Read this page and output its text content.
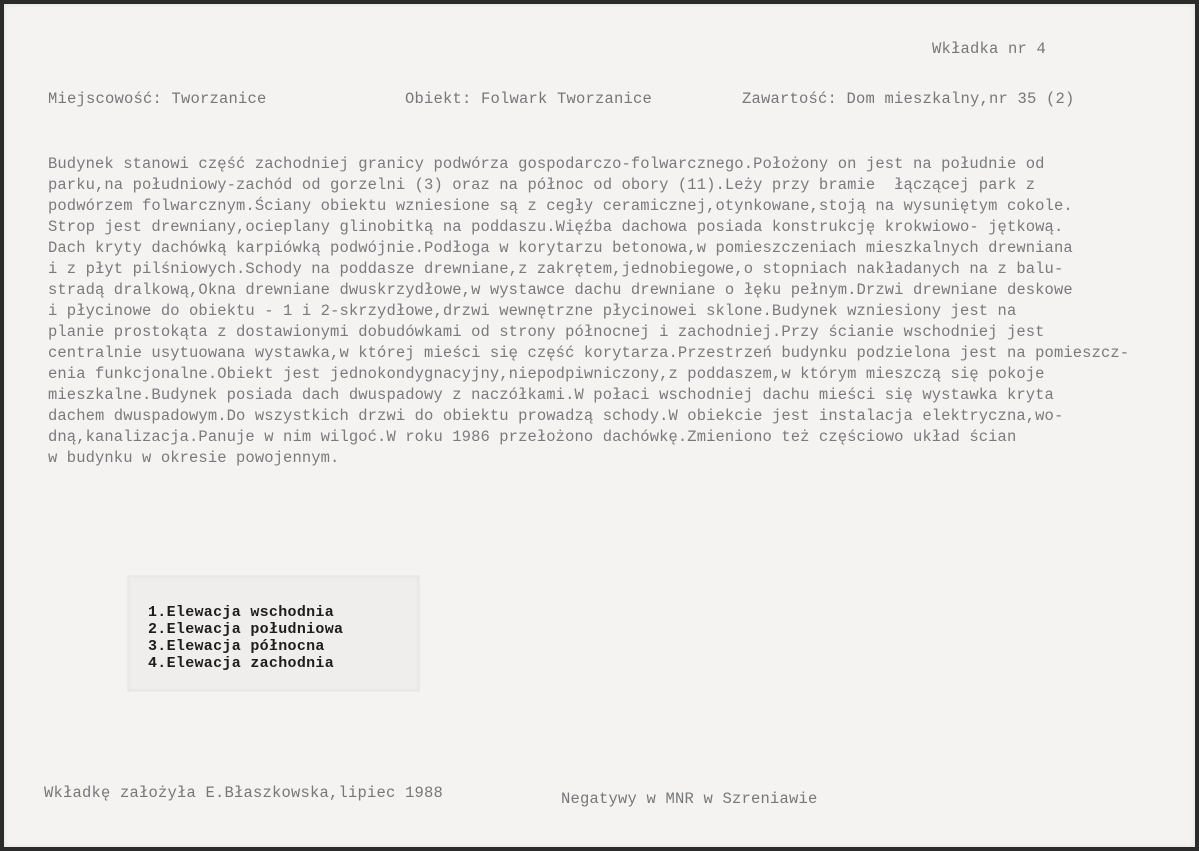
Wkładka nr 4
Miejscowość: Tworzanice	Obiekt: Folwark Tworzanice	Zawartość: Dom mieszkalny,nr 35 (2)
Budynek stanowi część zachodniej granicy podwórza gospodarczo-folwarcznego.Położony on jest na południe od
parku,na południowy-zachód od gorzelni (3) oraz na północ od obory (11).Leży przy bramie  łączącej park z
podwórzem folwarcznym.Ściany obiektu wzniesione są z cegły ceramicznej,otynkowane,stoją na wysuniętym cokole.
Strop jest drewniany,ocieplany glinobitką na poddaszu.Więźba dachowa posiada konstrukcję krokwiowo- jętkową.
Dach kryty dachówką karpiówką podwójnie.Podłoga w korytarzu betonowa,w pomieszczeniach mieszkalnych drewniana
i z płyt pilśniowych.Schody na poddasze drewniane,z zakrętem,jednobiegowe,o stopniach nakładanych na z balu-
stradą dralkową,Okna drewniane dwuskrzydłowe,w wystawce dachu drewniane o łęku pełnym.Drzwi drewniane deskowe
i płycinowe do obiektu - 1 i 2-skrzydłowe,drzwi wewnętrzne płycinowei sklone.Budynek wzniesiony jest na
planie prostokąta z dostawionymi dobudówkami od strony północnej i zachodniej.Przy ścianie wschodniej jest
centralnie usytuowana wystawka,w której mieści się część korytarza.Przestrzeń budynku podzielona jest na pomieszcz-
enia funkcjonalne.Obiekt jest jednokondygnacyjny,niepodpiwniczony,z poddaszem,w którym mieszczą się pokoje
mieszkalne.Budynek posiada dach dwuspadowy z naczółkami.W połaci wschodniej dachu mieści się wystawka kryta
dachem dwuspadowym.Do wszystkich drzwi do obiektu prowadzą schody.W obiekcie jest instalacja elektryczna,wo-
dną,kanalizacja.Panuje w nim wilgoć.W roku 1986 przełożono dachówkę.Zmieniono też częściowo układ ścian
w budynku w okresie powojennym.
1.Elewacja wschodnia
2.Elewacja południowa
3.Elewacja północna
4.Elewacja zachodnia
Wkładkę założyła E.Błaszkowska,lipiec 1988	Negatywy w MNR w Szreniawie
